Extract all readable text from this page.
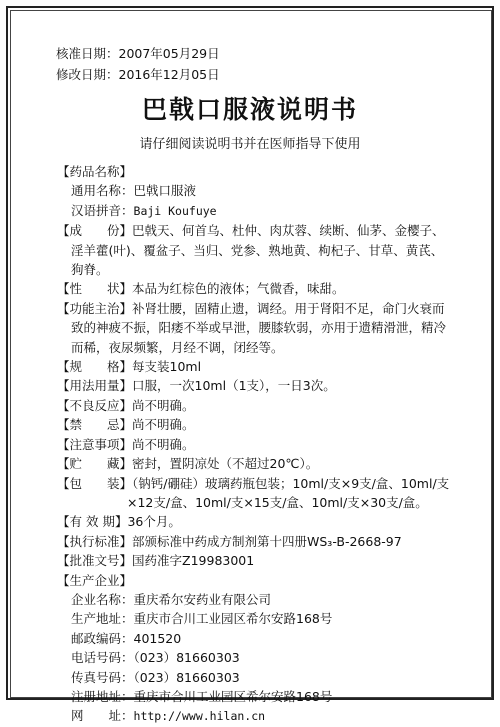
核准日期：2007年05月29日
修改日期：2016年12月05日
巴戟口服液说明书
请仔细阅读说明书并在医师指导下使用
【药品名称】
通用名称：巴戟口服液
汉语拼音：Baji Koufuye
【成　　份】巴戟天、何首乌、杜仲、肉苁蓉、续断、仙茅、金樱子、
淫羊藿(叶)、覆盆子、当归、党参、熟地黄、枸杞子、甘草、黄芪、
狗脊。
【性　　状】本品为红棕色的液体；气微香，味甜。
【功能主治】补肾壮腰，固精止遗，调经。用于肾阳不足，命门火衰而
致的神疲不振，阳痿不举或早泄，腰膝软弱，亦用于遗精滑泄，精冷
而稀，夜尿频繁，月经不调，闭经等。
【规　　格】每支装10ml
【用法用量】口服，一次10ml（1支），一日3次。
【不良反应】尚不明确。
【禁　　忌】尚不明确。
【注意事项】尚不明确。
【贮　　藏】密封，置阴凉处（不超过20℃）。
【包　　装】（钠钙/硼硅）玻璃药瓶包装；10ml/支×9支/盒、10ml/支
×12支/盒、10ml/支×15支/盒、10ml/支×30支/盒。
【有 效 期】36个月。
【执行标准】部颁标准中药成方制剂第十四册WS₃-B-2668-97
【批准文号】国药准字Z19983001
【生产企业】
企业名称：重庆希尔安药业有限公司
生产地址：重庆市合川工业园区希尔安路168号
邮政编码：401520
电话号码：（023）81660303
传真号码：（023）81660303
注册地址：重庆市合川工业园区希尔安路168号
网　　址：http://www.hilan.cn
